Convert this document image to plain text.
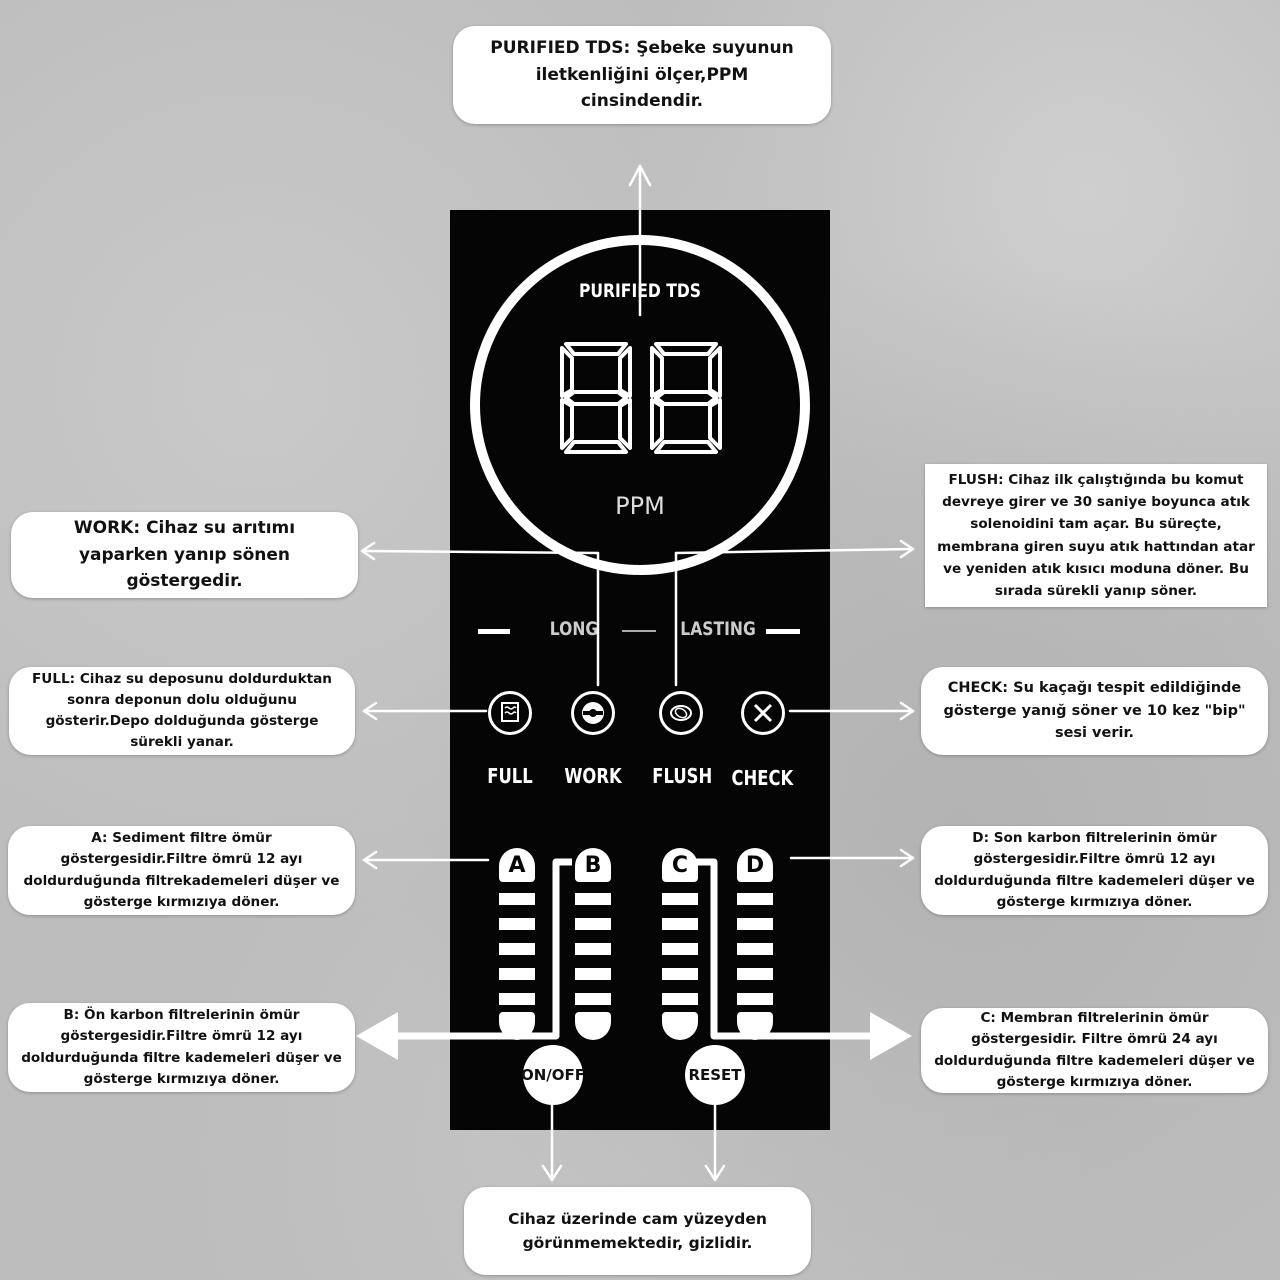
PURIFIED TDS
PPM
LONG	LASTING
FULL WORK FLUSH CHECK
A	B	C	D
ON/OFF	RESET
PURIFIED TDS: Şebeke suyunun iletkenliğini ölçer,PPM cinsindendir.
WORK: Cihaz su arıtımı yaparken yanıp sönen göstergedir.
FLUSH: Cihaz ilk çalıştığında bu komut devreye girer ve 30 saniye boyunca atık solenoidini tam açar. Bu süreçte, membrana giren suyu atık hattından atar ve yeniden atık kısıcı moduna döner. Bu sırada sürekli yanıp söner.
FULL: Cihaz su deposunu doldurduktan sonra deponun dolu olduğunu gösterir.Depo dolduğunda gösterge sürekli yanar.
CHECK: Su kaçağı tespit edildiğinde gösterge yanığ söner ve 10 kez "bip" sesi verir.
A: Sediment filtre ömür göstergesidir.Filtre ömrü 12 ayı doldurduğunda filtrekademeleri düşer ve gösterge kırmızıya döner.
D: Son karbon filtrelerinin ömür göstergesidir.Filtre ömrü 12 ayı doldurduğunda filtre kademeleri düşer ve gösterge kırmızıya döner.
B: Ön karbon filtrelerinin ömür göstergesidir.Filtre ömrü 12 ayı doldurduğunda filtre kademeleri düşer ve gösterge kırmızıya döner.
C: Membran filtrelerinin ömür göstergesidir. Filtre ömrü 24 ayı doldurduğunda filtre kademeleri düşer ve gösterge kırmızıya döner.
Cihaz üzerinde cam yüzeyden görünmemektedir, gizlidir.
